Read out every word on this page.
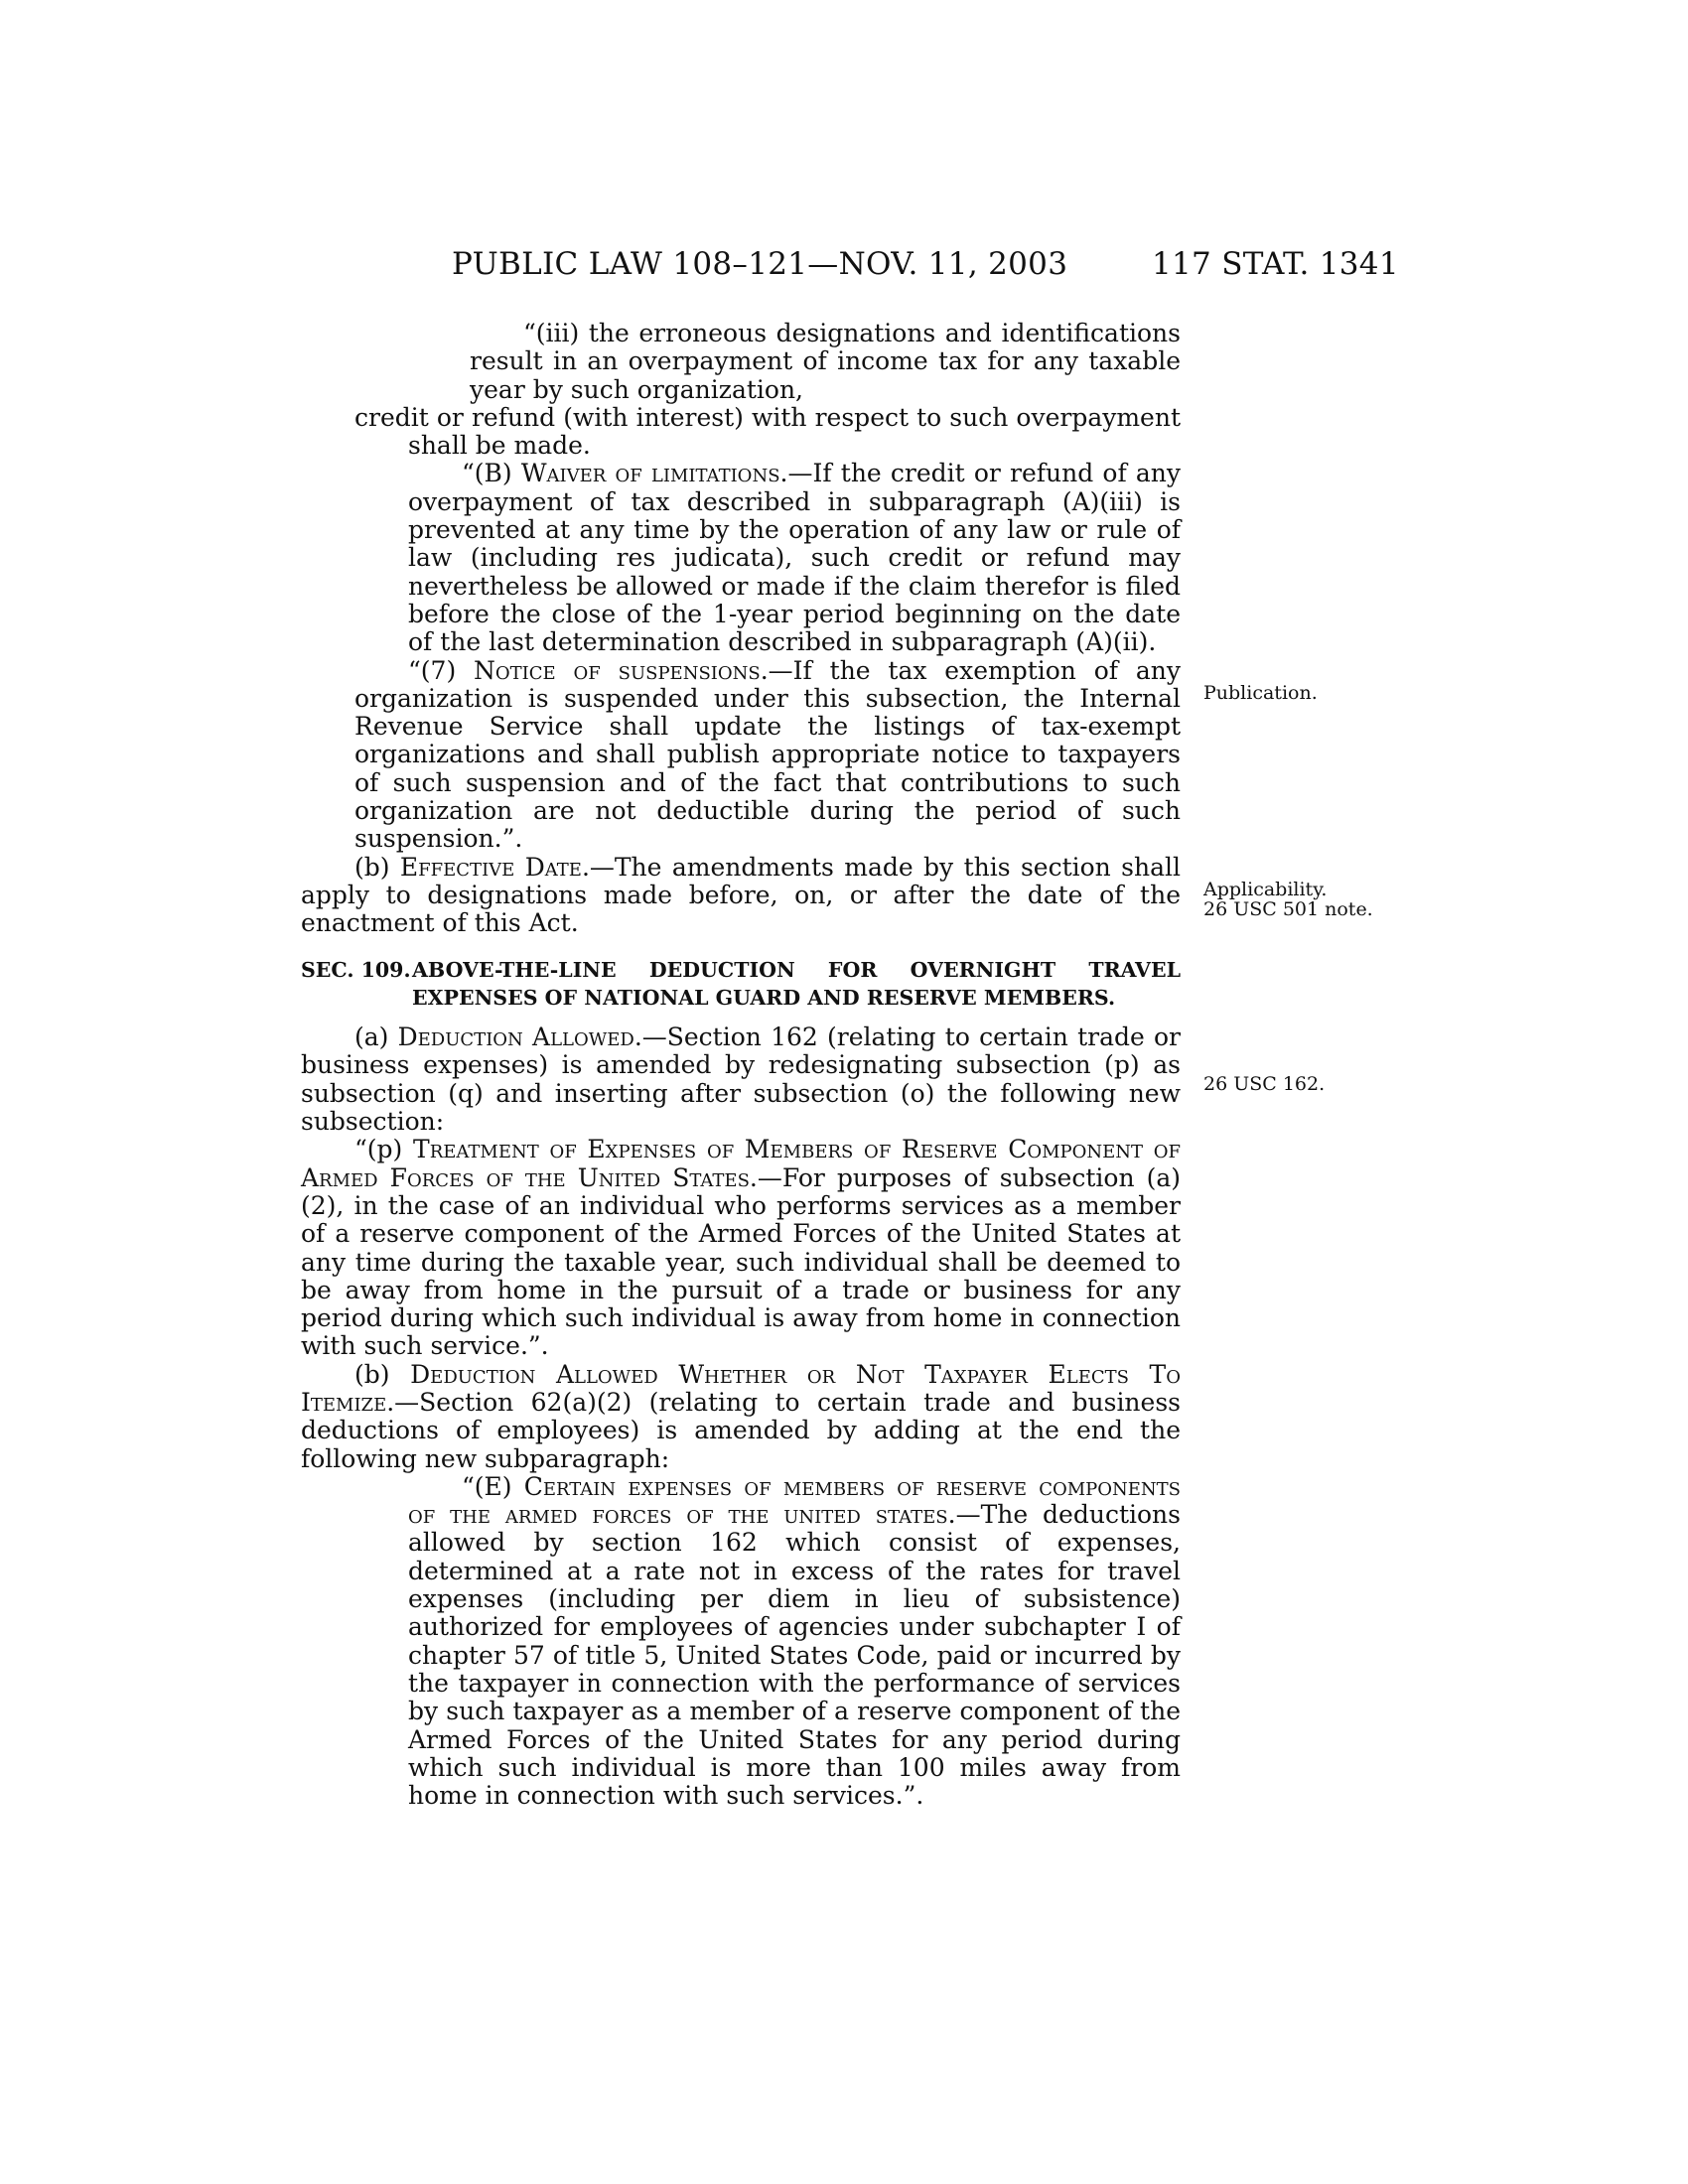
PUBLIC LAW 108–121—NOV. 11, 2003	117 STAT. 1341

“(iii) the erroneous designations and identifications result in an overpayment of income tax for any taxable year by such organization,

credit or refund (with interest) with respect to such overpayment shall be made.

“(B) Waiver of limitations.—If the credit or refund of any overpayment of tax described in subparagraph (A)(iii) is prevented at any time by the operation of any law or rule of law (including res judicata), such credit or refund may nevertheless be allowed or made if the claim therefor is filed before the close of the 1-year period beginning on the date of the last determination described in subparagraph (A)(ii).

“(7) Notice of suspensions.—If the tax exemption of any organization is suspended under this subsection, the Internal Revenue Service shall update the listings of tax-exempt organizations and shall publish appropriate notice to taxpayers of such suspension and of the fact that contributions to such organization are not deductible during the period of such suspension.”.

(b) Effective Date.—The amendments made by this section shall apply to designations made before, on, or after the date of the enactment of this Act.

SEC. 109.ABOVE-THE-LINE DEDUCTION FOR OVERNIGHT TRAVEL EXPENSES OF NATIONAL GUARD AND RESERVE MEMBERS.

(a) Deduction Allowed.—Section 162 (relating to certain trade or business expenses) is amended by redesignating subsection (p) as subsection (q) and inserting after subsection (o) the following new subsection:

“(p) Treatment of Expenses of Members of Reserve Component of Armed Forces of the United States.—For purposes of subsection (a)(2), in the case of an individual who performs services as a member of a reserve component of the Armed Forces of the United States at any time during the taxable year, such individual shall be deemed to be away from home in the pursuit of a trade or business for any period during which such individual is away from home in connection with such service.”.

(b) Deduction Allowed Whether or Not Taxpayer Elects To Itemize.—Section 62(a)(2) (relating to certain trade and business deductions of employees) is amended by adding at the end the following new subparagraph:

“(E) Certain expenses of members of reserve components of the armed forces of the united states.—The deductions allowed by section 162 which consist of expenses, determined at a rate not in excess of the rates for travel expenses (including per diem in lieu of subsistence) authorized for employees of agencies under subchapter I of chapter 57 of title 5, United States Code, paid or incurred by the taxpayer in connection with the performance of services by such taxpayer as a member of a reserve component of the Armed Forces of the United States for any period during which such individual is more than 100 miles away from home in connection with such services.”.

Publication.
Applicability.
26 USC 501 note.
26 USC 162.
